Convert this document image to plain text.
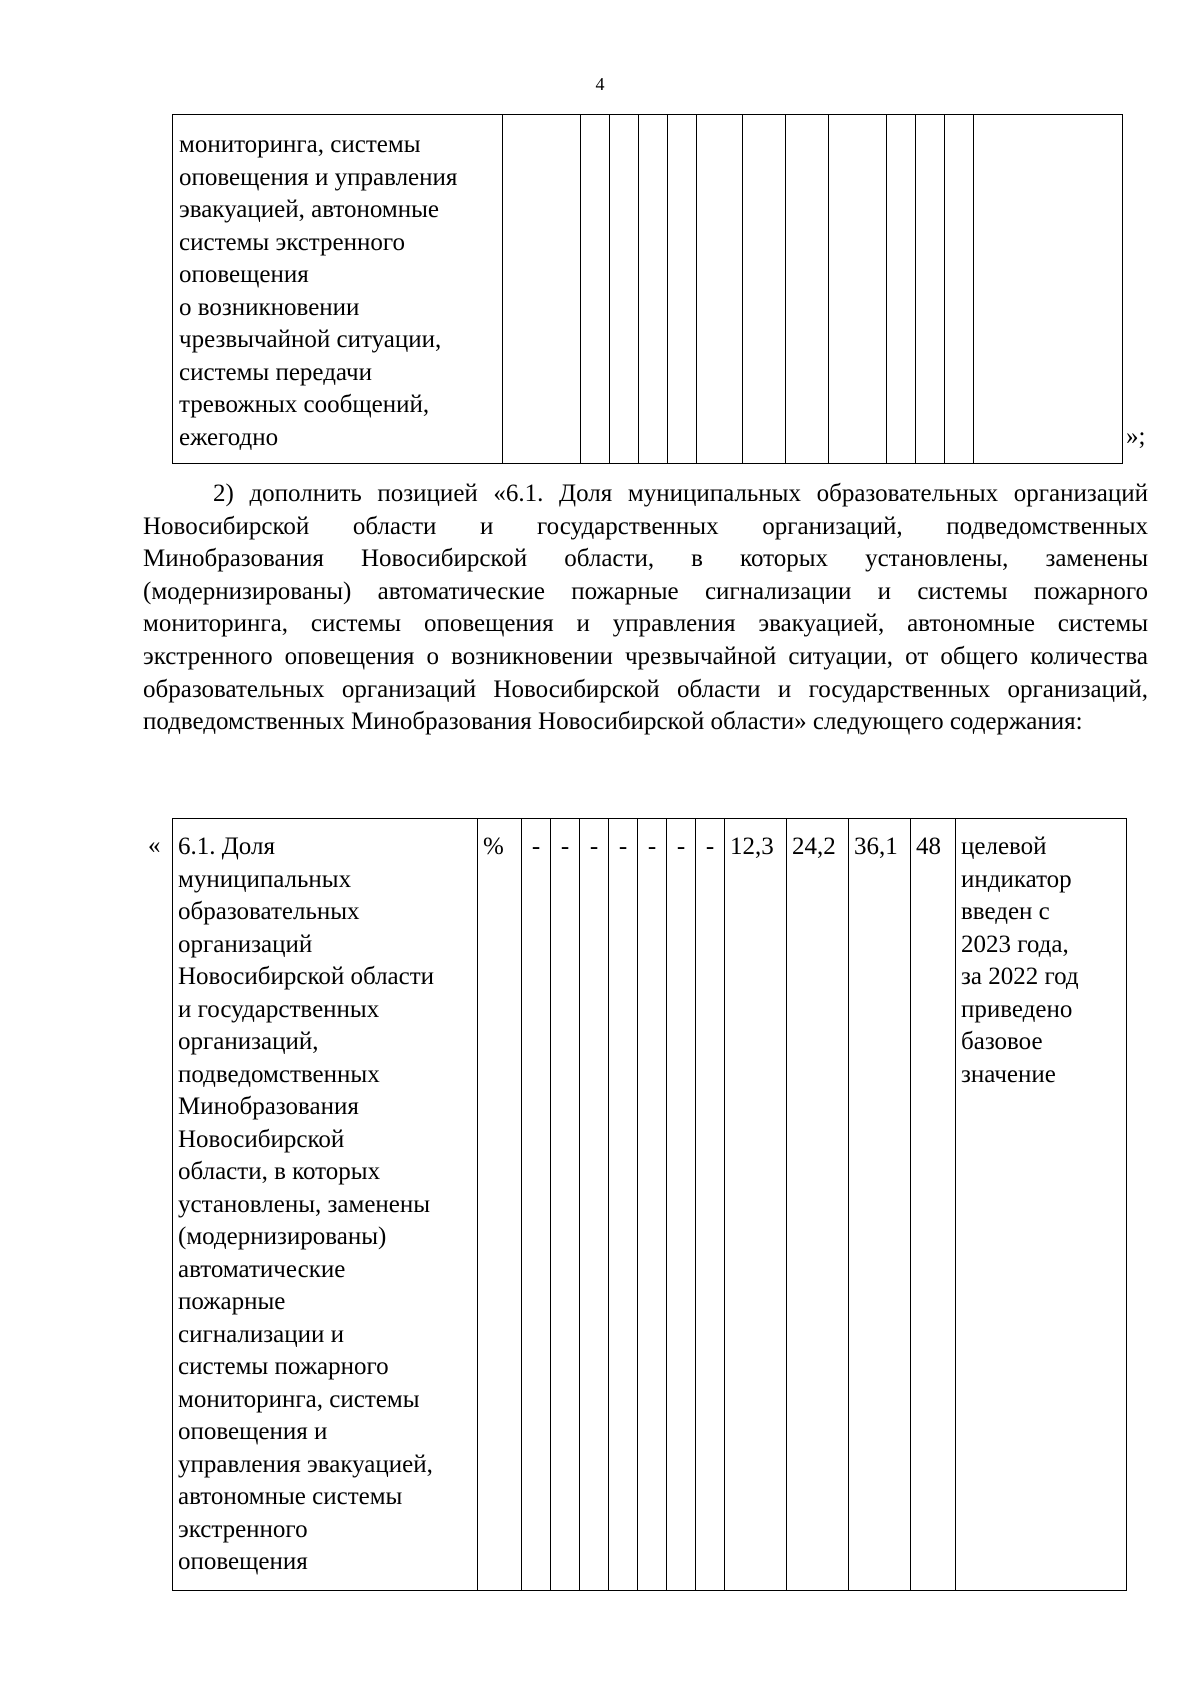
4
мониторинга, системы
оповещения и управления
эвакуацией, автономные
системы экстренного
оповещения
о возникновении
чрезвычайной ситуации,
системы передачи
тревожных сообщений,
ежегодно
														»;
2) дополнить позицией «6.1. Доля муниципальных образовательных организаций Новосибирской области и государственных организаций, подведомственных Минобразования Новосибирской области, в которых установлены, заменены (модернизированы) автоматические пожарные сигнализации и системы пожарного мониторинга, системы оповещения и управления эвакуацией, автономные системы экстренного оповещения о возникновении чрезвычайной ситуации, от общего количества образовательных организаций Новосибирской области и государственных организаций, подведомственных Минобразования Новосибирской области» следующего содержания:
« 6.1. Доля
муниципальных
образовательных
организаций
Новосибирской области
и государственных
организаций,
подведомственных
Минобразования
Новосибирской
области, в которых
установлены, заменены
(модернизированы)
автоматические
пожарные
сигнализации и
системы пожарного
мониторинга, системы
оповещения и
управления эвакуацией,
автономные системы
экстренного
оповещения
	%	-	-	-	-	-	-	-	12,3	24,2	36,1	48	целевой
индикатор
введен с
2023 года,
за 2022 год
приведено
базовое
значение
